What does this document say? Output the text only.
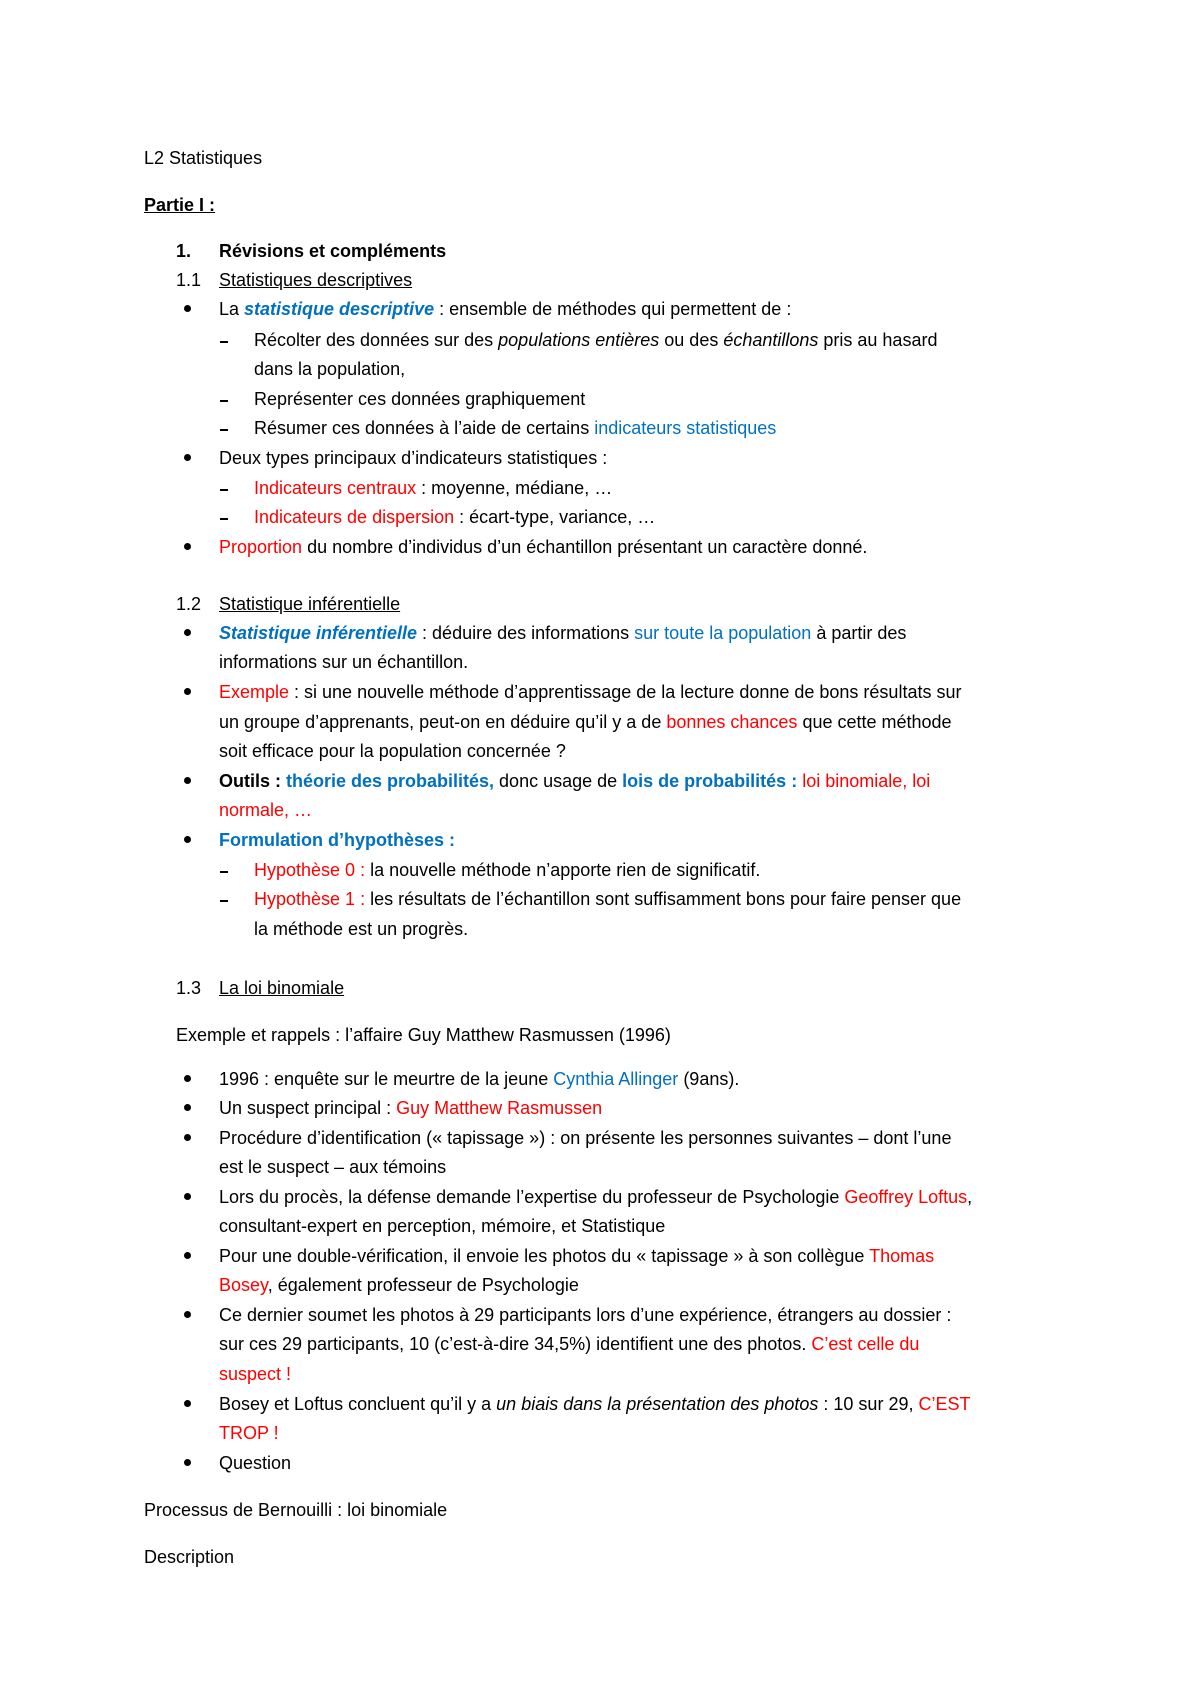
L2 Statistiques
Partie I :
1. Révisions et compléments
1.1 Statistiques descriptives
La statistique descriptive : ensemble de méthodes qui permettent de :
Récolter des données sur des populations entières ou des échantillons pris au hasard
dans la population,
Représenter ces données graphiquement
Résumer ces données à l’aide de certains indicateurs statistiques
Deux types principaux d’indicateurs statistiques :
Indicateurs centraux : moyenne, médiane, …
Indicateurs de dispersion : écart-type, variance, …
Proportion du nombre d’individus d’un échantillon présentant un caractère donné.
1.2 Statistique inférentielle
Statistique inférentielle : déduire des informations sur toute la population à partir des
informations sur un échantillon.
Exemple : si une nouvelle méthode d’apprentissage de la lecture donne de bons résultats sur
un groupe d’apprenants, peut-on en déduire qu’il y a de bonnes chances que cette méthode
soit efficace pour la population concernée ?
Outils : théorie des probabilités, donc usage de lois de probabilités : loi binomiale, loi
normale, …
Formulation d’hypothèses :
Hypothèse 0 : la nouvelle méthode n’apporte rien de significatif.
Hypothèse 1 : les résultats de l’échantillon sont suffisamment bons pour faire penser que
la méthode est un progrès.
1.3 La loi binomiale
Exemple et rappels : l’affaire Guy Matthew Rasmussen (1996)
1996 : enquête sur le meurtre de la jeune Cynthia Allinger (9ans).
Un suspect principal : Guy Matthew Rasmussen
Procédure d’identification (« tapissage ») : on présente les personnes suivantes – dont l’une
est le suspect – aux témoins
Lors du procès, la défense demande l’expertise du professeur de Psychologie Geoffrey Loftus,
consultant-expert en perception, mémoire, et Statistique
Pour une double-vérification, il envoie les photos du « tapissage » à son collègue Thomas
Bosey, également professeur de Psychologie
Ce dernier soumet les photos à 29 participants lors d’une expérience, étrangers au dossier :
sur ces 29 participants, 10 (c’est-à-dire 34,5%) identifient une des photos. C’est celle du
suspect !
Bosey et Loftus concluent qu’il y a un biais dans la présentation des photos : 10 sur 29, C’EST
TROP !
Question
Processus de Bernouilli : loi binomiale
Description
